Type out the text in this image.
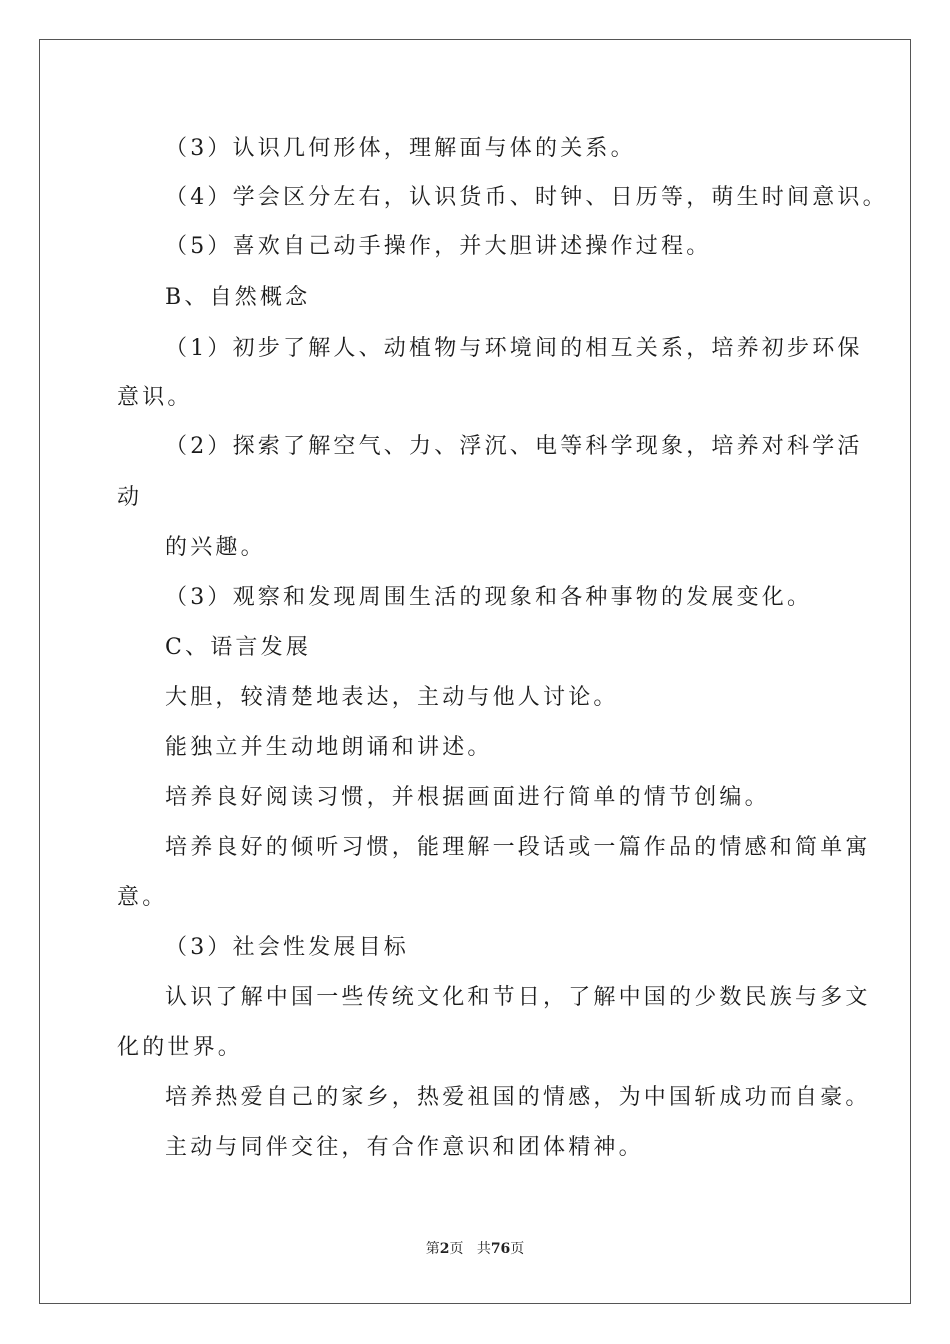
（3）认识几何形体，理解面与体的关系。
（4）学会区分左右，认识货币、时钟、日历等，萌生时间意识。
（5）喜欢自己动手操作，并大胆讲述操作过程。
B、自然概念
（1）初步了解人、动植物与环境间的相互关系，培养初步环保
意识。
（2）探索了解空气、力、浮沉、电等科学现象，培养对科学活
动
的兴趣。
（3）观察和发现周围生活的现象和各种事物的发展变化。
C、语言发展
大胆，较清楚地表达，主动与他人讨论。
能独立并生动地朗诵和讲述。
培养良好阅读习惯，并根据画面进行简单的情节创编。
培养良好的倾听习惯，能理解一段话或一篇作品的情感和简单寓
意。
（3）社会性发展目标
认识了解中国一些传统文化和节日，了解中国的少数民族与多文
化的世界。
培养热爱自己的家乡，热爱祖国的情感，为中国斩成功而自豪。
主动与同伴交往，有合作意识和团体精神。
第2页 共76页
